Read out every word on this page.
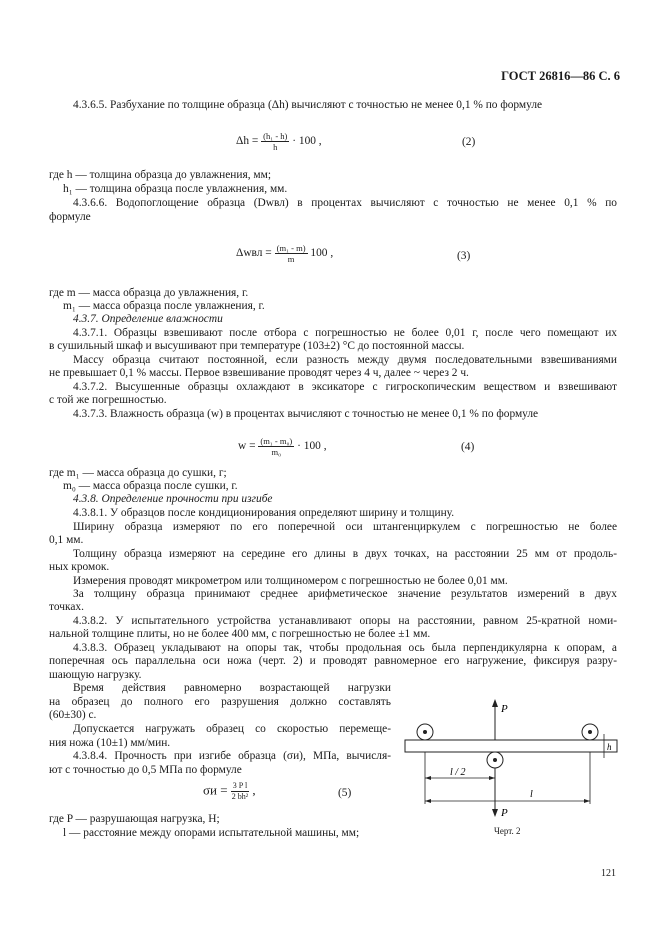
ГОСТ 26816—86 С. 6
4.3.6.5. Разбухание по толщине образца (Δh) вычисляют с точностью не менее 0,1 % по формуле
$\Delta h = \frac{\text{(h₁ - h)}}{h} \cdot 100$ ,	(2)
где h — толщина образца до увлажнения, мм;
h₁ — толщина образца после увлажнения, мм.
4.3.6.6. Водопоглощение образца (Dwвл) в процентах вычисляют с точностью не менее 0,1 % по
формуле
$\Delta wвл = \frac{\text{(m₁ - m)}}{m} 100$ ,	(3)
где m — масса образца до увлажнения, г.
m₁ — масса образца после увлажнения, г.
4.3.7. Определение влажности
4.3.7.1. Образцы взвешивают после отбора с погрешностью не более 0,01 г, после чего помещают их
в сушильный шкаф и высушивают при температуре (103±2) °С до постоянной массы.
Массу образца считают постоянной, если разность между двумя последовательными взвешиваниями
не превышает 0,1 % массы. Первое взвешивание проводят через 4 ч, далее ~ через 2 ч.
4.3.7.2. Высушенные образцы охлаждают в эксикаторе с гигроскопическим веществом и взвешивают
с той же погрешностью.
4.3.7.3. Влажность образца (w) в процентах вычисляют с точностью не менее 0,1 % по формуле
$w = \frac{\text{(m₁ - m₀)}}{\text{m₀}} \cdot 100$ ,	(4)
где m₁ — масса образца до сушки, г;
m₀ — масса образца после сушки, г.
4.3.8. Определение прочности при изгибе
4.3.8.1. У образцов после кондиционирования определяют ширину и толщину.
Ширину образца измеряют по его поперечной оси штангенциркулем с погрешностью не более
0,1 мм.
Толщину образца измеряют на середине его длины в двух точках, на расстоянии 25 мм от продоль-
ных кромок.
Измерения проводят микрометром или толщиномером с погрешностью не более 0,01 мм.
За толщину образца принимают среднее арифметическое значение результатов измерений в двух
точках.
4.3.8.2. У испытательного устройства устанавливают опоры на расстоянии, равном 25-кратной номи-
нальной толщине плиты, но не более 400 мм, с погрешностью не более ±1 мм.
4.3.8.3. Образец укладывают на опоры так, чтобы продольная ось была перпендикулярна к опорам, а
поперечная ось параллельна оси ножа (черт. 2) и проводят равномерное его нагружение, фиксируя разру-
шающую нагрузку.
Время действия равномерно возрастающей нагрузки
на образец до полного его разрушения должно составлять
(60±30) с.
Допускается нагружать образец со скоростью перемеще-
ния ножа (10±1) мм/мин.
4.3.8.4. Прочность при изгибе образца (σи), МПа, вычисля-
ют с точностью до 0,5 МПа по формуле
$\sigma и = \frac{\text{3 P l}}{\text{2 bh²}}$ ,	(5)
где P — разрушающая нагрузка, Н;
l — расстояние между опорами испытательной машины, мм;
P
P
h
l / 2
l
Черт. 2
121
